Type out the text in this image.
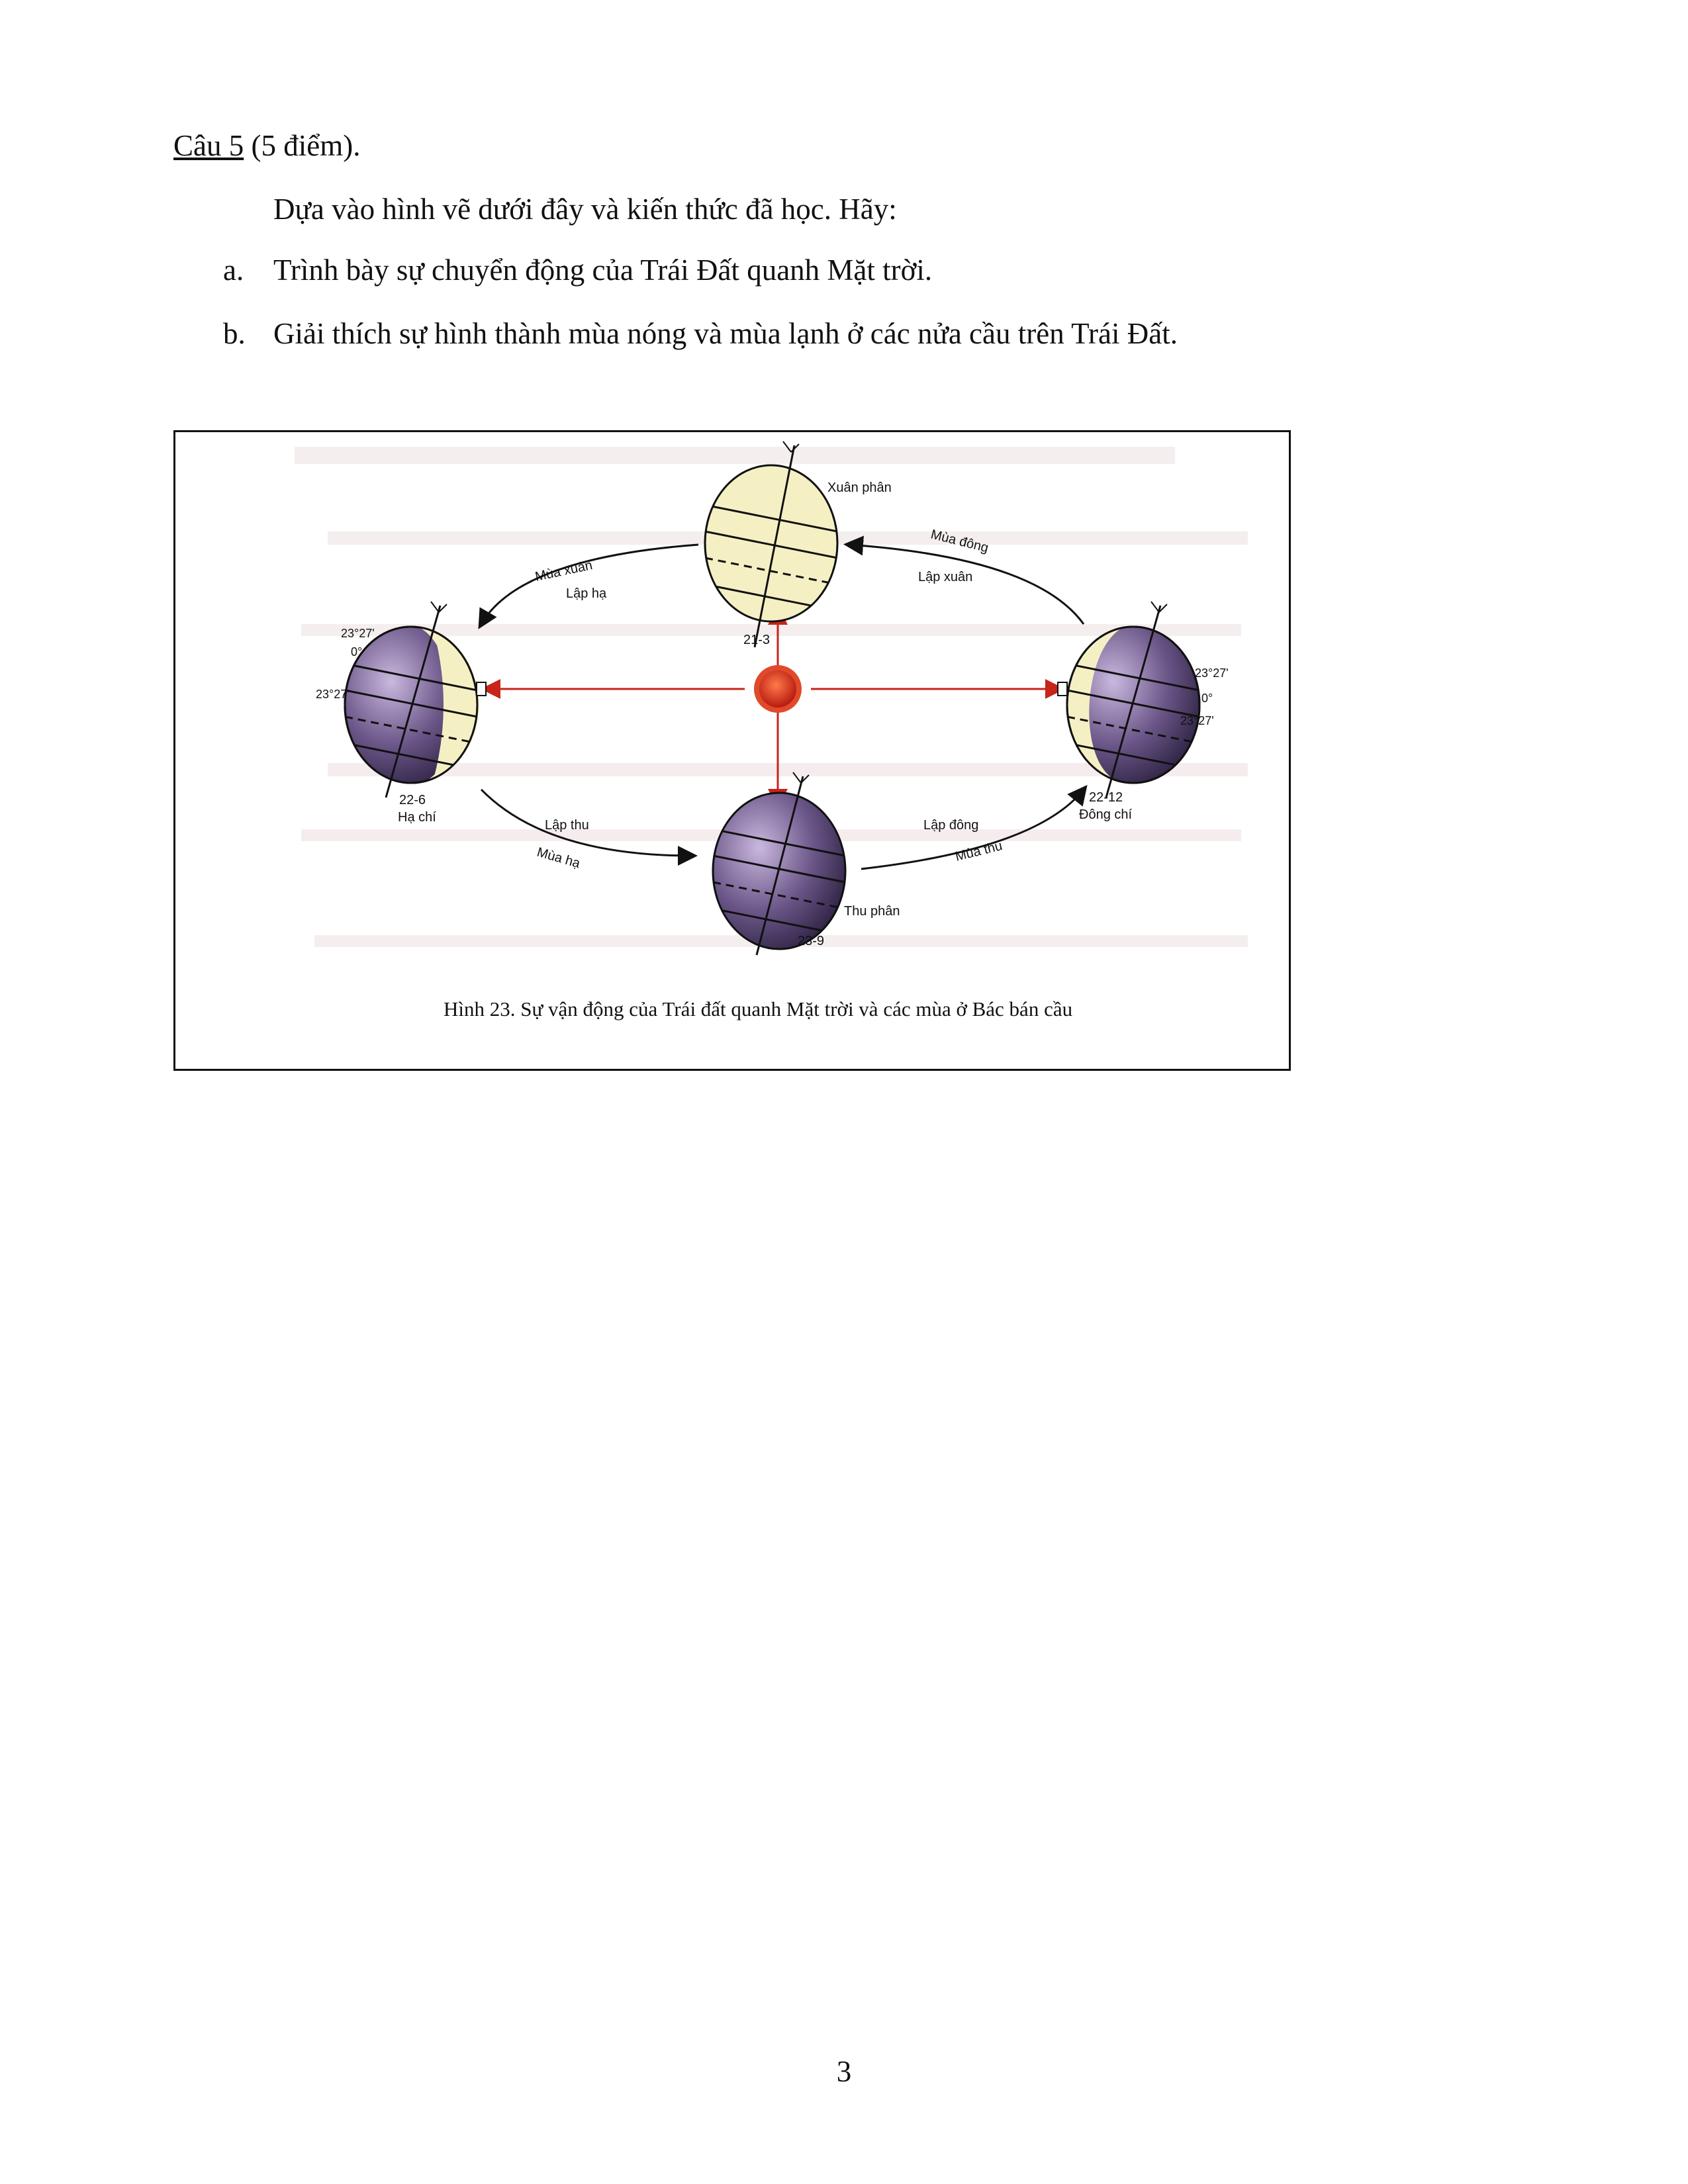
Câu 5 (5 điểm).
Dựa vào hình vẽ dưới đây và kiến thức đã học. Hãy:
a. Trình bày sự chuyển động của Trái Đất quanh Mặt trời.
b. Giải thích sự hình thành mùa nóng và mùa lạnh ở các nửa cầu trên Trái Đất.
Xuân phân
21-3
22-6
Hạ chí
22-12
Đông chí
Thu phân
23-9
Mùa xuân
Lập hạ
Mùa đông
Lập xuân
Lập thu
Mùa hạ
Lập đông
Mùa thu
23°27'
0°
23°27'
23°27'
0°
23°27'
Hình 23. Sự vận động của Trái đất quanh Mặt trời và các mùa ở Bác bán cầu
3
